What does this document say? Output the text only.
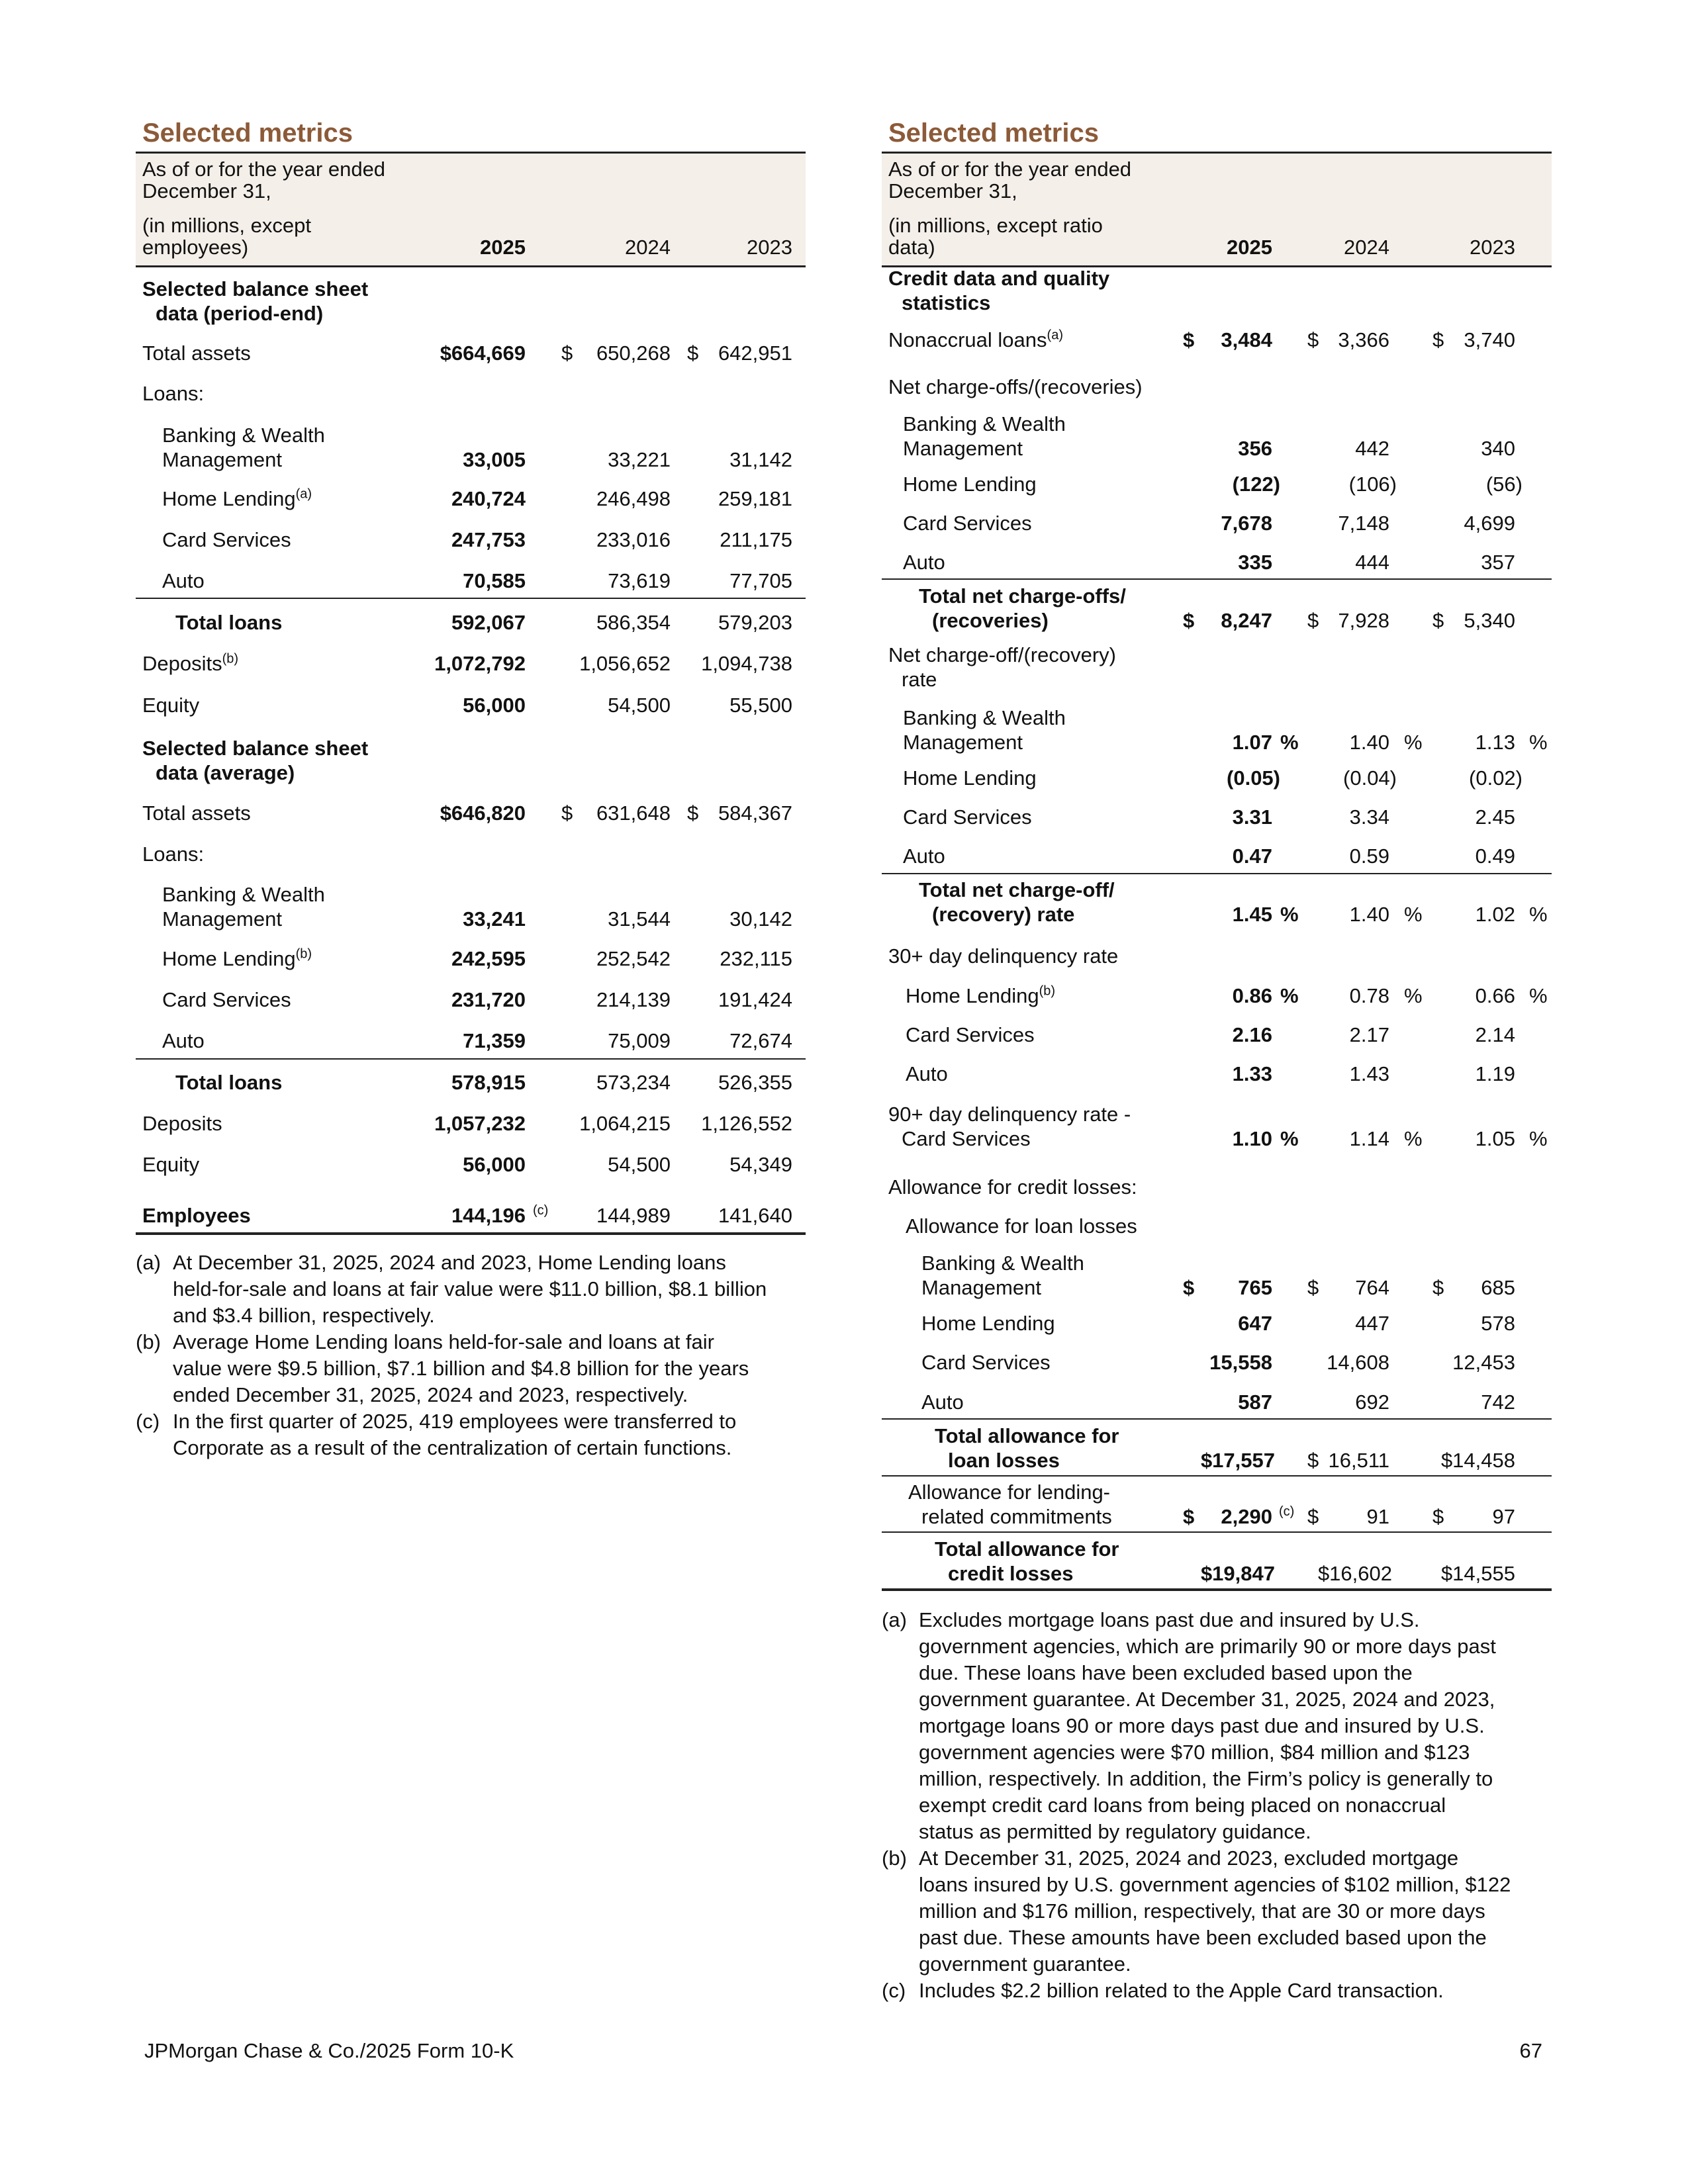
Selected metrics
As of or for the year ended
December 31,
(in millions, except
employees)	2025	2024	2023
Selected balance sheet
data (period-end)
Total assets	$664,669 $ 650,268 $ 642,951
Loans:
Banking & Wealth
Management	33,005	33,221	31,142
Home Lending$^{(a)}$	240,724	246,498 259,181
Card Services	247,753	233,016 211,175
Auto	70,585	73,619	77,705
Total loans	592,067	586,354 579,203
Deposits$^{(b)}$	1,072,792	1,056,652 1,094,738
Equity	56,000	54,500	55,500
Selected balance sheet
data (average)
Total assets	$646,820 $ 631,648 $ 584,367
Loans:
Banking & Wealth
Management	33,241	31,544	30,142
Home Lending$^{(b)}$	242,595	252,542 232,115
Card Services	231,720	214,139 191,424
Auto	71,359	75,009	72,674
Total loans	578,915	573,234 526,355
Deposits	1,057,232	1,064,215 1,126,552
Equity	56,000	54,500	54,349
Employees	144,196 (c) 144,989 141,640
(a) At December 31, 2025, 2024 and 2023, Home Lending loans
held-for-sale and loans at fair value were $11.0 billion, $8.1 billion
and $3.4 billion, respectively.
(b) Average Home Lending loans held-for-sale and loans at fair
value were $9.5 billion, $7.1 billion and $4.8 billion for the years
ended December 31, 2025, 2024 and 2023, respectively.
(c) In the first quarter of 2025, 419 employees were transferred to
Corporate as a result of the centralization of certain functions.
Selected metrics
As of or for the year ended
December 31,
(in millions, except ratio
data)	2025	2024	2023
Credit data and quality
statistics
Nonaccrual loans$^{(a)}$	$ 3,484 $ 3,366 $ 3,740
Net charge-offs/(recoveries)
Banking & Wealth
Management	356	442	340
Home Lending	(122)	(106)	(56)
Card Services	7,678	7,148	4,699
Auto	335	444	357
Total net charge-offs/
(recoveries)	$ 8,247 $ 7,928 $ 5,340
Net charge-off/(recovery)
rate
Banking & Wealth
Management	1.07 % 1.40 %	1.13 %
Home Lending	(0.05)	(0.04)	(0.02)
Card Services	3.31	3.34	2.45
Auto	0.47	0.59	0.49
Total net charge-off/
(recovery) rate	1.45 % 1.40 %	1.02 %
30+ day delinquency rate
Home Lending$^{(b)}$	0.86 % 0.78 %	0.66 %
Card Services	2.16	2.17	2.14
Auto	1.33	1.43	1.19
90+ day delinquency rate -
Card Services	1.10 % 1.14 %	1.05 %
Allowance for credit losses:
Allowance for loan losses
Banking & Wealth
Management	$ 765 $ 764 $ 685
Home Lending	647	447	578
Card Services	15,558	14,608	12,453
Auto	587	692	742
Total allowance for
loan losses	$17,557 $ 16,511	$14,458
Allowance for lending-
related commitments	$ 2,290 (c) $ 91 $ 97
Total allowance for
credit losses	$19,847 $16,602 $14,555
(a) Excludes mortgage loans past due and insured by U.S.
government agencies, which are primarily 90 or more days past
due. These loans have been excluded based upon the
government guarantee. At December 31, 2025, 2024 and 2023,
mortgage loans 90 or more days past due and insured by U.S.
government agencies were $70 million, $84 million and $123
million, respectively. In addition, the Firm’s policy is generally to
exempt credit card loans from being placed on nonaccrual
status as permitted by regulatory guidance.
(b) At December 31, 2025, 2024 and 2023, excluded mortgage
loans insured by U.S. government agencies of $102 million, $122
million and $176 million, respectively, that are 30 or more days
past due. These amounts have been excluded based upon the
government guarantee.
(c) Includes $2.2 billion related to the Apple Card transaction.
JPMorgan Chase & Co./2025 Form 10-K	67
